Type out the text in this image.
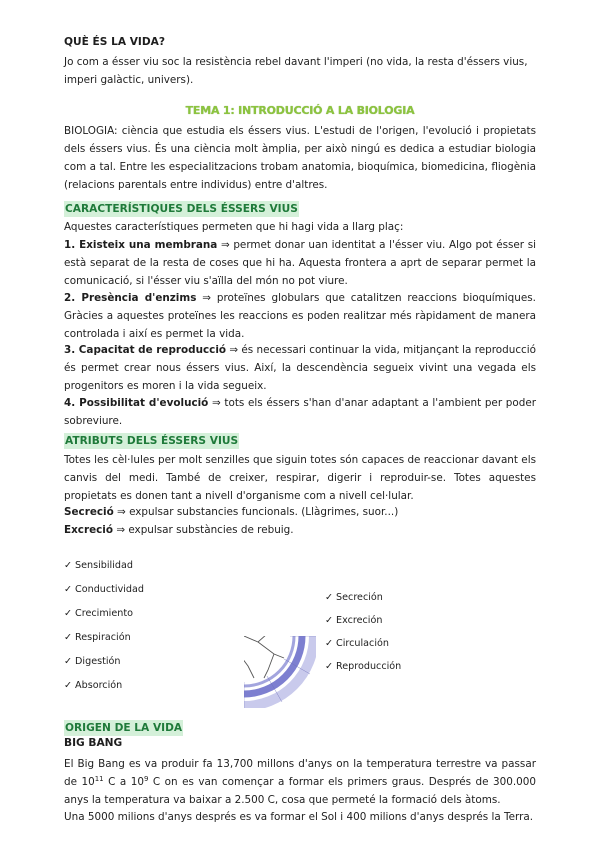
QUÈ ÉS LA VIDA?

Jo com a ésser viu soc la resistència rebel davant l'imperi (no vida, la resta d'éssers vius, imperi galàctic, univers).

TEMA 1: INTRODUCCIÓ A LA BIOLOGIA

BIOLOGIA: ciència que estudia els éssers vius. L'estudi de l'origen, l'evolució i propietats dels éssers vius. És una ciència molt àmplia, per això ningú es dedica a estudiar biologia com a tal. Entre les especialitzacions trobam anatomia, bioquímica, biomedicina, fliogènia (relacions parentals entre individus) entre d'altres.

CARACTERÍSTIQUES DELS ÉSSERS VIUS

Aquestes característiques permeten que hi hagi vida a llarg plaç:

1. Existeix una membrana ⇒ permet donar uan identitat a l'ésser viu. Algo pot ésser si està separat de la resta de coses que hi ha. Aquesta frontera a aprt de separar permet la comunicació, si l'ésser viu s'aïlla del món no pot viure.

2. Presència d'enzims ⇒ proteïnes globulars que catalitzen reaccions bioquímiques. Gràcies a aquestes proteïnes les reaccions es poden realitzar més ràpidament de manera controlada i així es permet la vida.

3. Capacitat de reproducció ⇒ és necessari continuar la vida, mitjançant la reproducció és permet crear nous éssers vius. Així, la descendència segueix vivint una vegada els progenitors es moren i la vida segueix.

4. Possibilitat d'evolució ⇒ tots els éssers s'han d'anar adaptant a l'ambient per poder sobreviure.

ATRIBUTS DELS ÉSSERS VIUS

Totes les cèl·lules per molt senzilles que siguin totes són capaces de reaccionar davant els canvis del medi. També de creixer, respirar, digerir i reproduir-se. Totes aquestes propietats es donen tant a nivell d'organisme com a nivell cel·lular.

Secreció ⇒ expulsar substancies funcionals. (Llàgrimes, suor...)

Excreció ⇒ expulsar substàncies de rebuig.

✓ Sensibilidad
✓ Conductividad
✓ Crecimiento
✓ Respiración
✓ Digestión
✓ Absorción
✓ Secreción
✓ Excreción
✓ Circulación
✓ Reproducción
ORIGEN DE LA VIDA
BIG BANG

El Big Bang es va produir fa 13,700 millons d'anys on la temperatura terrestre va passar de $10^{11}$ C a $10^9$ C on es van començar a formar els primers graus. Després de 300.000 anys la temperatura va baixar a 2.500 C, cosa que permeté la formació dels àtoms.

Una 5000 milions d'anys després es va formar el Sol i 400 milions d'anys després la Terra.
